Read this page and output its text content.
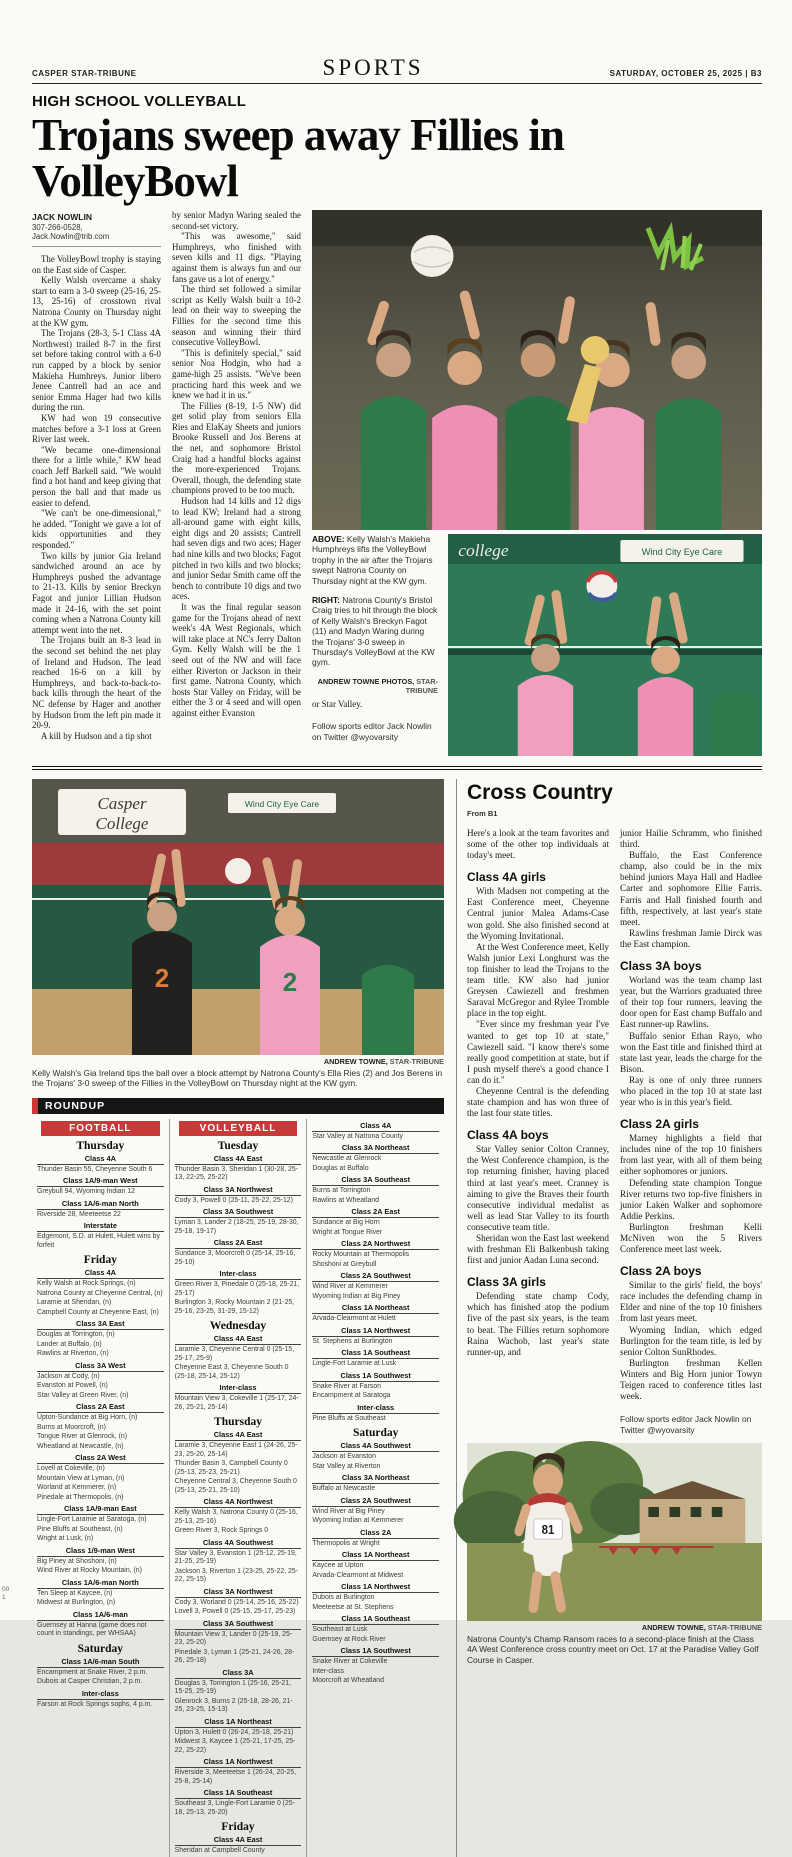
CASPER STAR-TRIBUNE	SPORTS	SATURDAY, OCTOBER 25, 2025 | B3
HIGH SCHOOL VOLLEYBALL
Trojans sweep away Fillies in VolleyBowl
JACK NOWLIN
307-266-0528, Jack.Nowlin@trib.com

The VolleyBowl trophy is staying on the East side of Casper.

Kelly Walsh overcame a shaky start to earn a 3-0 sweep (25-16, 25-13, 25-16) of crosstown rival Natrona County on Thursday night at the KW gym.

The Trojans (28-3, 5-1 Class 4A Northwest) trailed 8-7 in the first set before taking control with a 6-0 run capped by a block by senior Makieha Humhreys. Junior libero Jenee Cantrell had an ace and senior Emma Hager had two kills during the run.

KW had won 19 consecutive matches before a 3-1 loss at Green River last week.

"We became one-dimensional there for a little while," KW head coach Jeff Barkell said. "We would find a hot hand and keep giving that person the ball and that made us easier to defend.

"We can't be one-dimensional," he added. "Tonight we gave a lot of kids opportunities and they responded."

Two kills by junior Gia Ireland sandwiched around an ace by Humphreys pushed the advantage to 21-13. Kills by senior Breckyn Fagot and junior Lillian Hudson made it 24-16, with the set point coming when a Natrona County kill attempt went into the net.

The Trojans built an 8-3 lead in the second set behind the net play of Ireland and Hudson. The lead reached 16-6 on a kill by Humphreys, and back-to-back-to-back kills through the heart of the NC defense by Hager and another by Hudson from the left pin made it 20-9.

A kill by Hudson and a tip shot

by senior Madyn Waring sealed the second-set victory.

"This was awesome," said Humphreys, who finished with seven kills and 11 digs. "Playing against them is always fun and our fans gave us a lot of energy."

The third set followed a similar script as Kelly Walsh built a 10-2 lead on their way to sweeping the Fillies for the second time this season and winning their third consecutive VolleyBowl.

"This is definitely special," said senior Noa Hodgin, who had a game-high 25 assists. "We've been practicing hard this week and we knew we had it in us."

The Fillies (8-19, 1-5 NW) did get solid play from seniors Ella Ries and ElaKay Sheets and juniors Brooke Russell and Jos Berens at the net, and sophomore Bristol Craig had a handful blocks against the more-experienced Trojans. Overall, though, the defending state champions proved to be too much.

Hudson had 14 kills and 12 digs to lead KW; Ireland had a strong all-around game with eight kills, eight digs and 20 assists; Cantrell had seven digs and two aces; Hager had nine kills and two blocks; Fagot pitched in two kills and two blocks; and junior Sedar Smith came off the bench to contribute 10 digs and two aces.

It was the final regular season game for the Trojans ahead of next week's 4A West Regionals, which will take place at NC's Jerry Dalton Gym. Kelly Walsh will be the 1 seed out of the NW and will face either Riverton or Jackson in their first game. Natrona County, which hosts Star Valley on Friday, will be either the 3 or 4 seed and will open against either Evanston

ABOVE: Kelly Walsh's Makieha Humphreys lifts the VolleyBowl trophy in the air after the Trojans swept Natrona County on Thursday night at the KW gym.

RIGHT: Natrona County's Bristol Craig tries to hit through the block of Kelly Walsh's Breckyn Fagot (11) and Madyn Waring during the Trojans' 3-0 sweep in Thursday's VolleyBowl at the KW gym.

ANDREW TOWNE PHOTOS, STAR-TRIBUNE

or Star Valley.

Follow sports editor Jack Nowlin on Twitter @wyovarsity

college	Wind City Eye Care
Casper
College
Wind City Eye Care
2	2
ANDREW TOWNE, STAR-TRIBUNE

Kelly Walsh's Gia Ireland tips the ball over a block attempt by Natrona County's Ella Ries (2) and Jos Berens in the Trojans' 3-0 sweep of the Fillies in the VolleyBowl on Thursday night at the KW gym.

ROUNDUP
FOOTBALL
Thursday
Class 4A
Thunder Basin 55, Cheyenne South 6
Class 1A/9-man West
Greybull 94, Wyoming Indian 12
Class 1A/6-man North
Riverside 28, Meeteetse 22
Interstate
Edgemont, S.D. at Hulett, Hulett wins by forfeit
Friday
Class 4A
Kelly Walsh at Rock Springs, (n)
Natrona County at Cheyenne Central, (n)
Laramie at Sheridan, (n)
Campbell County at Cheyenne East, (n)
Class 3A East
Douglas at Torrington, (n)
Lander at Buffalo, (n)
Rawlins at Riverton, (n)
Class 3A West
Jackson at Cody, (n)
Evanston at Powell, (n)
Star Valley at Green River, (n)
Class 2A East
Upton-Sundance at Big Horn, (n)
Burns at Moorcroft, (n)
Tongue River at Glenrock, (n)
Wheatland at Newcastle, (n)
Class 2A West
Lovell at Cokeville, (n)
Mountain View at Lyman, (n)
Worland at Kemmerer, (n)
Pinedale at Thermopolis, (n)
Class 1A/9-man East
Lingle-Fort Laramie at Saratoga, (n)
Pine Bluffs at Southeast, (n)
Wright at Lusk, (n)
Class 1/9-man West
Big Piney at Shoshoni, (n)
Wind River at Rocky Mountain, (n)
Class 1A/6-man North
Ten Sleep at Kaycee, (n)
Midwest at Burlington, (n)
Class 1A/6-man
Guernsey at Hanna (game does not count in standings, per WHSAA)
Saturday
Class 1A/6-man South
Encampment at Snake River, 2 p.m.
Dubois at Casper Christian, 2 p.m.
Inter-class
Farson at Rock Springs sophs, 4 p.m.
VOLLEYBALL
Tuesday
Class 4A East
Thunder Basin 3, Sheridan 1 (30-28, 25-13, 22-25, 25-22)
Class 3A Northwest
Cody 3, Powell 0 (25-11, 25-22, 25-12)
Class 3A Southwest
Lyman 3, Lander 2 (18-25, 25-19, 28-30, 25-18, 19-17)
Class 2A East
Sundance 3, Moorcroft 0 (25-14, 25-16, 25-10)
Inter-class
Green River 3, Pinedale 0 (25-18, 25-21, 25-17)
Burlington 3, Rocky Mountain 2 (21-25, 25-16, 23-25, 31-29, 15-12)
Wednesday
Class 4A East
Laramie 3, Cheyenne Central 0 (25-15, 25-17, 25-9)
Cheyenne East 3, Cheyenne South 0 (25-18, 25-14, 25-12)
Inter-class
Mountain View 3, Cokeville 1 (25-17, 24-26, 25-21, 25-14)
Thursday
Class 4A East
Laramie 3, Cheyenne East 1 (24-26, 25-23, 25-20, 25-14)
Thunder Basin 3, Campbell County 0 (25-13, 25-23, 25-21)
Cheyenne Central 3, Cheyenne South 0 (25-13, 25-21, 25-10)
Class 4A Northwest
Kelly Walsh 3, Natrona County 0 (25-16, 25-13, 25-16)
Green River 3, Rock Springs 0
Class 4A Southwest
Star Valley 3, Evanston 1 (25-12, 25-19, 21-25, 25-19)
Jackson 3, Riverton 1 (23-25, 25-22, 25-22, 25-15)
Class 3A Northwest
Cody 3, Worland 0 (25-14, 25-16, 25-22)
Lovell 3, Powell 0 (25-15, 25-17, 25-23)
Class 3A Southwest
Mountain View 3, Lander 0 (25-19, 25-23, 25-20)
Pinedale 3, Lyman 1 (25-21, 24-26, 28-26, 25-18)
Class 3A
Douglas 3, Torrington 1 (25-16, 25-21, 15-25, 25-19)
Glenrock 3, Burns 2 (25-18, 28-26, 21-25, 23-25, 15-13)
Class 1A Northeast
Upton 3, Hulett 0 (26-24, 25-18, 25-21)
Midwest 3, Kaycee 1 (25-21, 17-25, 25-22, 25-22)
Class 1A Northwest
Riverside 3, Meeteetse 1 (26-24, 20-25, 25-8, 25-14)
Class 1A Southeast
Southeast 3, Lingle-Fort Laramie 0 (25-18, 25-13, 25-20)
Friday
Class 4A East
Sheridan at Campbell County
Class 4A
Star Valley at Natrona County
Class 3A Northeast
Newcastle at Glenrock
Douglas at Buffalo
Class 3A Southeast
Burns at Torrington
Rawlins at Wheatland
Class 2A East
Sundance at Big Horn
Wright at Tongue River
Class 2A Northwest
Rocky Mountain at Thermopolis
Shoshoni at Greybull
Class 2A Southwest
Wind River at Kemmerer
Wyoming Indian at Big Piney
Class 1A Northeast
Arvada-Clearmont at Hulett
Class 1A Northwest
St. Stephens at Burlington
Class 1A Southeast
Lingle-Fort Laramie at Lusk
Class 1A Southwest
Snake River at Farson
Encampment at Saratoga
Inter-class
Pine Bluffs at Southeast
Saturday
Class 4A Southwest
Jackson at Evanston
Star Valley at Riverton
Class 3A Northeast
Buffalo at Newcastle
Class 2A Southwest
Wind River at Big Piney
Wyoming Indian at Kemmerer
Class 2A
Thermopolis at Wright
Class 1A Northeast
Kaycee at Upton
Arvada-Clearmont at Midwest
Class 1A Northwest
Dubois at Burlington
Meeteetse at St. Stephens
Class 1A Southeast
Southeast at Lusk
Guernsey at Rock River
Class 1A Southwest
Snake River at Cokeville
Inter-class
Moorcroft at Wheatland
Cross Country
From B1
Here's a look at the team favorites and some of the other top individuals at today's meet.
Class 4A girls
With Madsen not competing at the East Conference meet, Cheyenne Central junior Malea Adams-Case won gold. She also finished second at the Wyoming Invitational.
At the West Conference meet, Kelly Walsh junior Lexi Longhurst was the top finisher to lead the Trojans to the team title. KW also had junior Greysen Cawiezell and freshmen Saraval McGregor and Rylee Tromble place in the top eight.
"Ever since my freshman year I've wanted to get top 10 at state," Cawiezell said. "I know there's some really good competition at state, but if I push myself there's a good chance I can do it."
Cheyenne Central is the defending state champion and has won three of the last four state titles.
Class 4A boys
Star Valley senior Colton Cranney, the West Conference champion, is the top returning finisher, having placed third at last year's meet. Cranney is aiming to give the Braves their fourth consecutive individual medalist as well as lead Star Valley to its fourth consecutive team title.
Sheridan won the East last weekend with freshman Eli Balkenbush taking first and junior Aadan Luna second.
Class 3A girls
Defending state champ Cody, which has finished atop the podium five of the past six years, is the team to beat. The Fillies return sophomore Raina Wachob, last year's state runner-up, and
junior Hailie Schramm, who finished third.
Buffalo, the East Conference champ, also could be in the mix behind juniors Maya Hall and Hadlee Carter and sophomore Ellie Farris. Farris and Hall finished fourth and fifth, respectively, at last year's state meet.
Rawlins freshman Jamie Dirck was the East champion.
Class 3A boys
Worland was the team champ last year, but the Warriors graduated three of their top four runners, leaving the door open for East champ Buffalo and East runner-up Rawlins.
Buffalo senior Ethan Rayo, who won the East title and finished third at state last year, leads the charge for the Bison.
Ray is one of only three runners who placed in the top 10 at state last year who is in this year's field.
Class 2A girls
Marney highlights a field that includes nine of the top 10 finishers from last year, with all of them being either sophomores or juniors.
Defending state champion Tongue River returns two top-five finishers in junior Laken Walker and sophomore Addie Perkins.
Burlington freshman Kelli McNiven won the 5 Rivers Conference meet last week.
Class 2A boys
Similar to the girls' field, the boys' race includes the defending champ in Elder and nine of the top 10 finishers from last years meet.
Wyoming Indian, which edged Burlington for the team title, is led by senior Colton SunRhodes.
Burlington freshman Kellen Winters and Big Horn junior Towyn Teigen raced to conference titles last week.
Follow sports editor Jack Nowlin on Twitter @wyovarsity
81
ANDREW TOWNE, STAR-TRIBUNE

Natrona County's Champ Ransom races to a second-place finish at the Class 4A West Conference cross country meet on Oct. 17 at the Paradise Valley Golf Course in Casper.

00
1
